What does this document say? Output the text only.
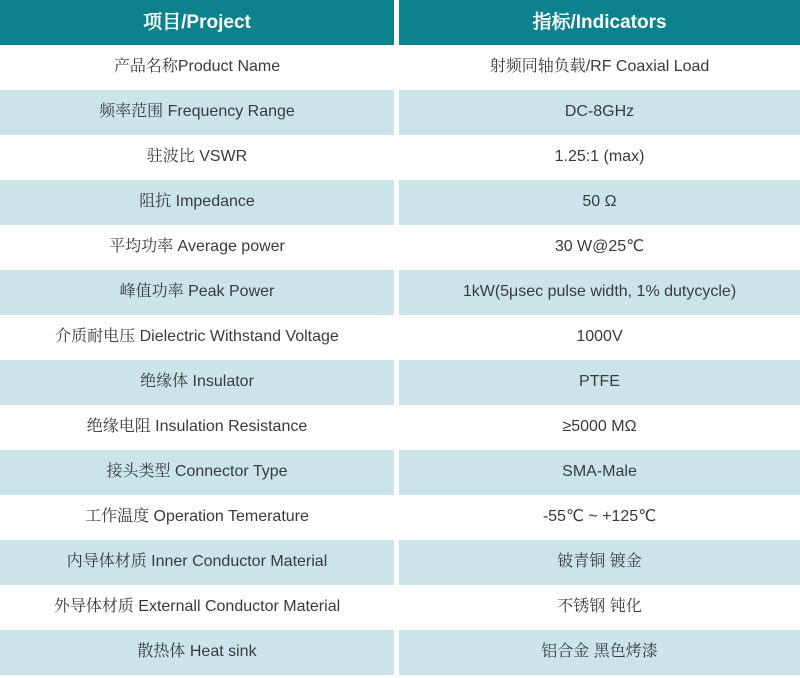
项目/Project	指标/Indicators
产品名称Product Name	射频同轴负载/RF Coaxial Load
频率范围 Frequency Range	DC-8GHz
驻波比 VSWR	1.25:1 (max)
阻抗 Impedance	50 Ω
平均功率 Average power	30 W@25℃
峰值功率 Peak Power	1kW(5μsec pulse width, 1% dutycycle)
介质耐电压 Dielectric Withstand Voltage	1000V
绝缘体 Insulator	PTFE
绝缘电阻 Insulation Resistance	≥5000 MΩ
接头类型 Connector Type	SMA-Male
工作温度 Operation Temerature	-55℃ ~ +125℃
内导体材质 Inner Conductor Material	铍青铜 镀金
外导体材质 Externall Conductor Material	不锈钢 钝化
散热体 Heat sink	铝合金 黑色烤漆
